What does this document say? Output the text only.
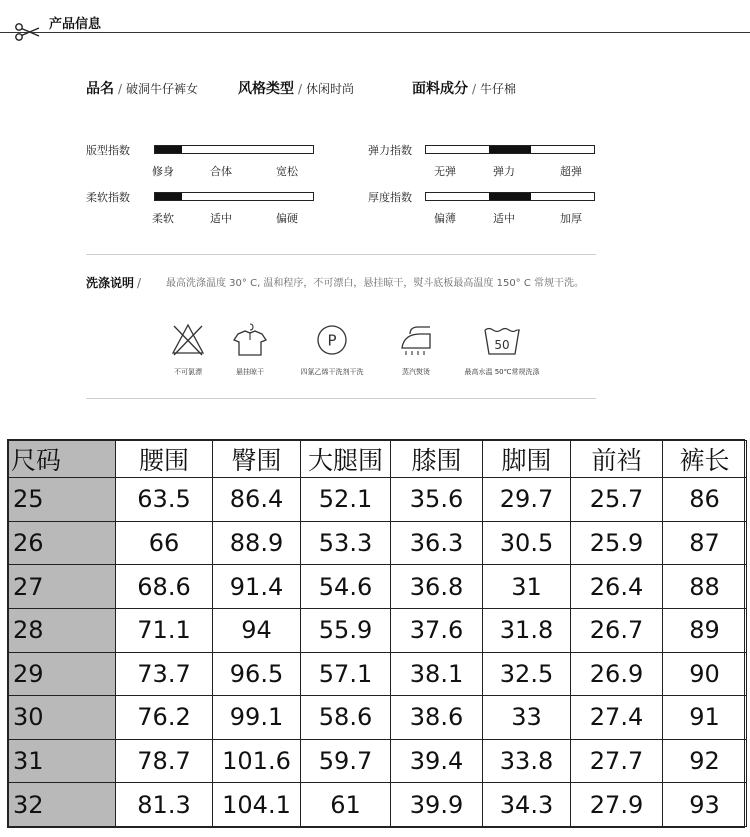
产品信息
品名 / 破洞牛仔裤女	风格类型 / 休闲时尚	面料成分 / 牛仔棉
版型指数
修身	合体	宽松
弹力指数
无弹	弹力	超弹
柔软指数
柔软	适中	偏硬
厚度指数
偏薄	适中	加厚
洗涤说明 / 最高洗涤温度 30° C, 温和程序，不可漂白，悬挂晾干，熨斗底板最高温度 150° C 常规干洗。
不可氯漂	悬挂晾干
P
四氯乙烯干洗剂干洗	蒸汽熨烫
50
最高水温 50℃常规洗涤
尺码	腰围	臀围	大腿围	膝围	脚围	前裆	裤长
25	63.5	86.4	52.1	35.6	29.7	25.7	86
26	66	88.9	53.3	36.3	30.5	25.9	87
27	68.6	91.4	54.6	36.8	31	26.4	88
28	71.1	94	55.9	37.6	31.8	26.7	89
29	73.7	96.5	57.1	38.1	32.5	26.9	90
30	76.2	99.1	58.6	38.6	33	27.4	91
31	78.7	101.6	59.7	39.4	33.8	27.7	92
32	81.3	104.1	61	39.9	34.3	27.9	93
